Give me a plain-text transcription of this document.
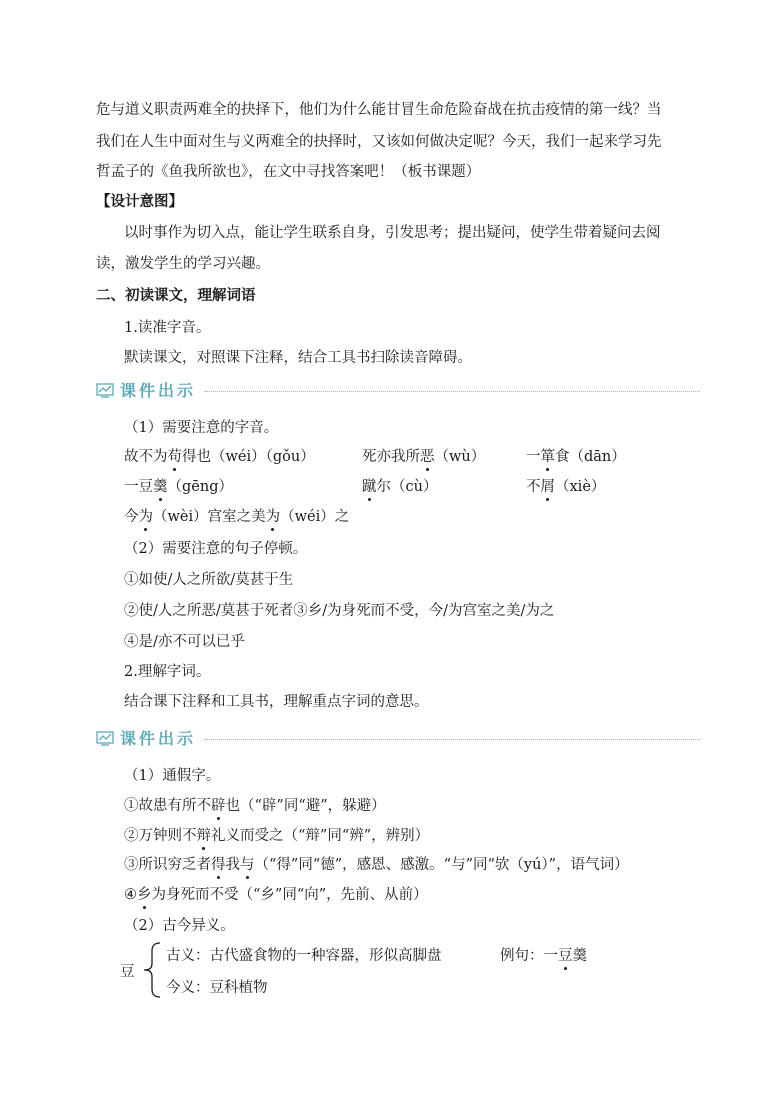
危与道义职责两难全的抉择下，他们为什么能甘冒生命危险奋战在抗击疫情的第一线？当
我们在人生中面对生与义两难全的抉择时，又该如何做决定呢？今天，我们一起来学习先
哲孟子的《鱼我所欲也》，在文中寻找答案吧！（板书课题）
【设计意图】
以时事作为切入点，能让学生联系自身，引发思考；提出疑问，使学生带着疑问去阅
读，激发学生的学习兴趣。
二、初读课文，理解词语
1.读准字音。
默读课文，对照课下注释，结合工具书扫除读音障碍。
课件出示
（1）需要注意的字音。
故不为苟得也（wéi）（gǒu）	死亦我所恶（wù）	一箪食（dān）
一豆羹（gēng）	蹴尔（cù）	不屑（xiè）
今为（wèi）宫室之美为（wéi）之
（2）需要注意的句子停顿。
①如使/人之所欲/莫甚于生
②使/人之所恶/莫甚于死者③乡/为身死而不受，今/为宫室之美/为之
④是/亦不可以已乎
2.理解字词。
结合课下注释和工具书，理解重点字词的意思。
课件出示
（1）通假字。
①故患有所不辟也（“辟”同“避”，躲避）
②万钟则不辩礼义而受之（“辩”同“辨”，辨别）
③所识穷乏者得我与（“得”同“德”，感恩、感激。“与”同“欤（yú）”，语气词）
④乡为身死而不受（“乡”同“向”，先前、从前）
（2）古今异义。
豆
古义：古代盛食物的一种容器，形似高脚盘	例句：一豆羹
今义：豆科植物
